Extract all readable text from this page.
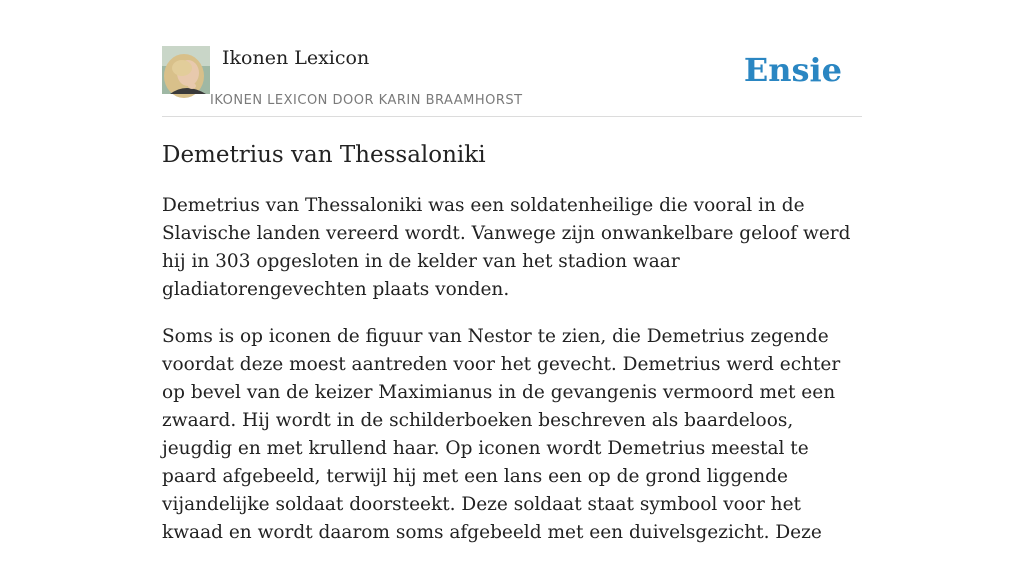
Ikonen Lexicon
IKONEN LEXICON DOOR KARIN BRAAMHORST
Ensie
Demetrius van Thessaloniki

Demetrius van Thessaloniki was een soldatenheilige die vooral in de Slavische landen vereerd wordt. Vanwege zijn onwankelbare geloof werd hij in 303 opgesloten in de kelder van het stadion waar gladiatorengevechten plaats vonden.

Soms is op iconen de figuur van Nestor te zien, die Demetrius zegende voordat deze moest aantreden voor het gevecht. Demetrius werd echter op bevel van de keizer Maximianus in de gevangenis vermoord met een zwaard. Hij wordt in de schilderboeken beschreven als baardeloos, jeugdig en met krullend haar. Op iconen wordt Demetrius meestal te paard afgebeeld, terwijl hij met een lans een op de grond liggende vijandelijke soldaat doorsteekt. Deze soldaat staat symbool voor het kwaad en wordt daarom soms afgebeeld met een duivelsgezicht. Deze
